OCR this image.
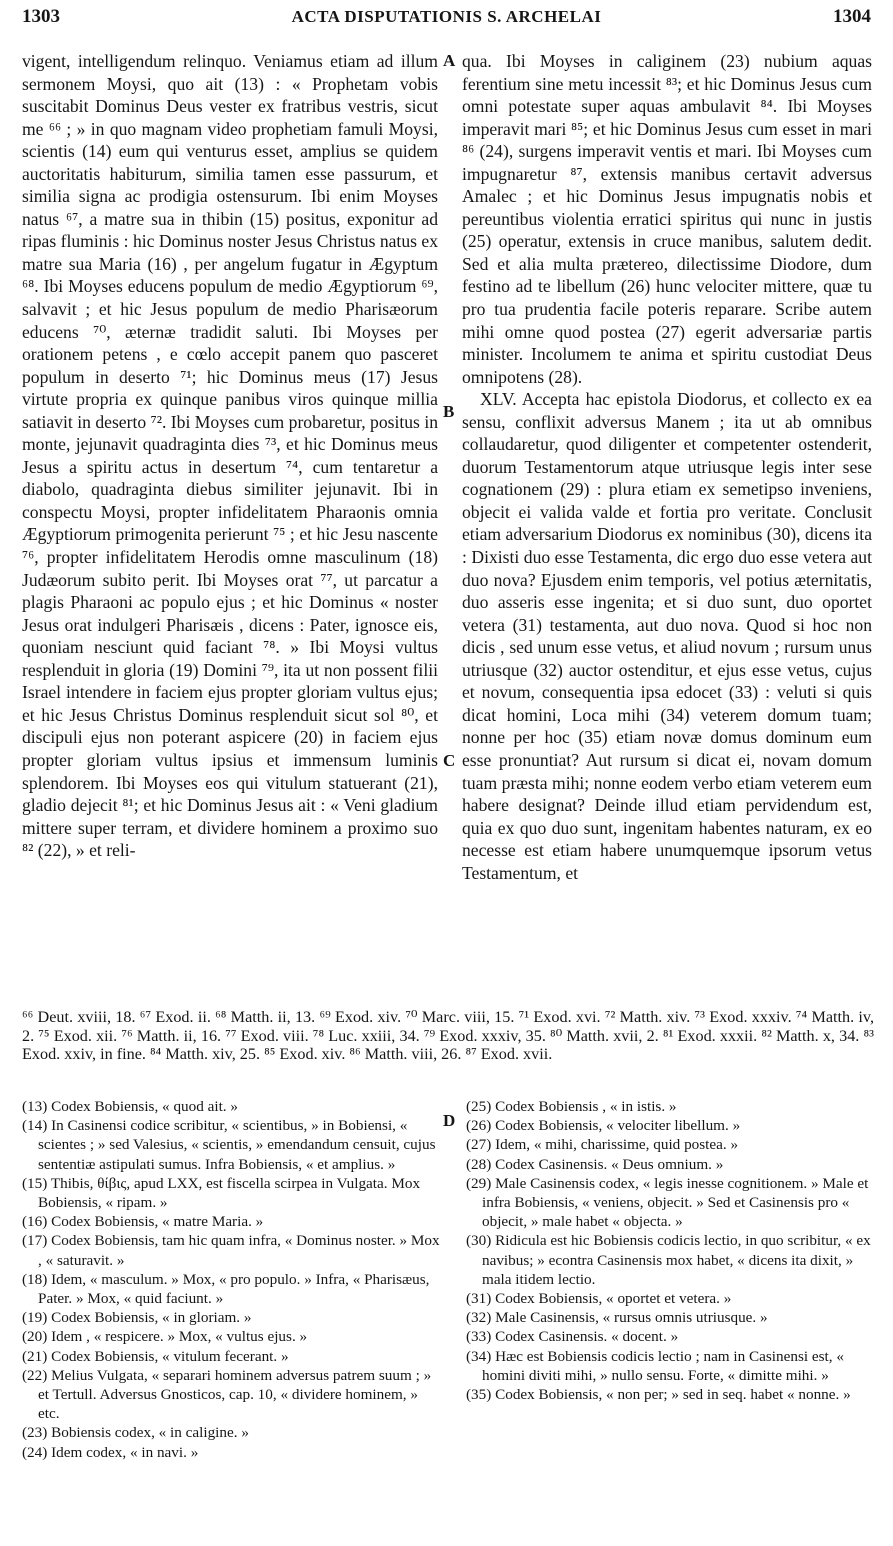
1303	ACTA DISPUTATIONIS S. ARCHELAI	1304

vigent, intelligendum relinquo. Veniamus etiam ad illum sermonem Moysi, quo ait (13) : « Prophetam vobis suscitabit Dominus Deus vester ex fratribus vestris, sicut me ⁶⁶ ; » in quo magnam video prophetiam famuli Moysi, scientis (14) eum qui venturus esset, amplius se quidem auctoritatis habiturum, similia tamen esse passurum, et similia signa ac prodigia ostensurum. Ibi enim Moyses natus ⁶⁷, a matre sua in thibin (15) positus, exponitur ad ripas fluminis : hic Dominus noster Jesus Christus natus ex matre sua Maria (16) , per angelum fugatur in Ægyptum ⁶⁸. Ibi Moyses educens populum de medio Ægyptiorum ⁶⁹, salvavit ; et hic Jesus populum de medio Pharisæorum educens ⁷⁰, æternæ tradidit saluti. Ibi Moyses per orationem petens , e cœlo accepit panem quo pasceret populum in deserto ⁷¹; hic Dominus meus (17) Jesus virtute propria ex quinque panibus viros quinque millia satiavit in deserto ⁷². Ibi Moyses cum probaretur, positus in monte, jejunavit quadraginta dies ⁷³, et hic Dominus meus Jesus a spiritu actus in desertum ⁷⁴, cum tentaretur a diabolo, quadraginta diebus similiter jejunavit. Ibi in conspectu Moysi, propter infidelitatem Pharaonis omnia Ægyptiorum primogenita perierunt ⁷⁵ ; et hic Jesu nascente ⁷⁶, propter infidelitatem Herodis omne masculinum (18) Judæorum subito perit. Ibi Moyses orat ⁷⁷, ut parcatur a plagis Pharaoni ac populo ejus ; et hic Dominus « noster Jesus orat indulgeri Pharisæis , dicens : Pater, ignosce eis, quoniam nesciunt quid faciant ⁷⁸. » Ibi Moysi vultus resplenduit in gloria (19) Domini ⁷⁹, ita ut non possent filii Israel intendere in faciem ejus propter gloriam vultus ejus; et hic Jesus Christus Dominus resplenduit sicut sol ⁸⁰, et discipuli ejus non poterant aspicere (20) in faciem ejus propter gloriam vultus ipsius et immensum luminis splendorem. Ibi Moyses eos qui vitulum statuerant (21), gladio dejecit ⁸¹; et hic Dominus Jesus ait : « Veni gladium mittere super terram, et dividere hominem a proximo suo ⁸² (22), » et reli-

A
B
C
D

qua. Ibi Moyses in caliginem (23) nubium aquas ferentium sine metu incessit ⁸³; et hic Dominus Jesus cum omni potestate super aquas ambulavit ⁸⁴. Ibi Moyses imperavit mari ⁸⁵; et hic Dominus Jesus cum esset in mari ⁸⁶ (24), surgens imperavit ventis et mari. Ibi Moyses cum impugnaretur ⁸⁷, extensis manibus certavit adversus Amalec ; et hic Dominus Jesus impugnatis nobis et pereuntibus violentia erratici spiritus qui nunc in justis (25) operatur, extensis in cruce manibus, salutem dedit. Sed et alia multa prætereo, dilectissime Diodore, dum festino ad te libellum (26) hunc velociter mittere, quæ tu pro tua prudentia facile poteris reparare. Scribe autem mihi omne quod postea (27) egerit adversariæ partis minister. Incolumem te anima et spiritu custodiat Deus omnipotens (28).

XLV. Accepta hac epistola Diodorus, et collecto ex ea sensu, conflixit adversus Manem ; ita ut ab omnibus collaudaretur, quod diligenter et competenter ostenderit, duorum Testamentorum atque utriusque legis inter sese cognationem (29) : plura etiam ex semetipso inveniens, objecit ei valida valde et fortia pro veritate. Conclusit etiam adversarium Diodorus ex nominibus (30), dicens ita : Dixisti duo esse Testamenta, dic ergo duo esse vetera aut duo nova? Ejusdem enim temporis, vel potius æternitatis, duo asseris esse ingenita; et si duo sunt, duo oportet vetera (31) testamenta, aut duo nova. Quod si hoc non dicis , sed unum esse vetus, et aliud novum ; rursum unus utriusque (32) auctor ostenditur, et ejus esse vetus, cujus et novum, consequentia ipsa edocet (33) : veluti si quis dicat homini, Loca mihi (34) veterem domum tuam; nonne per hoc (35) etiam novæ domus dominum eum esse pronuntiat? Aut rursum si dicat ei, novam domum tuam præsta mihi; nonne eodem verbo etiam veterem eum habere designat? Deinde illud etiam pervidendum est, quia ex quo duo sunt, ingenitam habentes naturam, ex eo necesse est etiam habere unumquemque ipsorum vetus Testamentum, et

⁶⁶ Deut. xviii, 18. ⁶⁷ Exod. ii. ⁶⁸ Matth. ii, 13. ⁶⁹ Exod. xiv. ⁷⁰ Marc. viii, 15. ⁷¹ Exod. xvi. ⁷² Matth. xiv. ⁷³ Exod. xxxiv. ⁷⁴ Matth. iv, 2. ⁷⁵ Exod. xii. ⁷⁶ Matth. ii, 16. ⁷⁷ Exod. viii. ⁷⁸ Luc. xxiii, 34. ⁷⁹ Exod. xxxiv, 35. ⁸⁰ Matth. xvii, 2. ⁸¹ Exod. xxxii. ⁸² Matth. x, 34. ⁸³ Exod. xxiv, in fine. ⁸⁴ Matth. xiv, 25. ⁸⁵ Exod. xiv. ⁸⁶ Matth. viii, 26. ⁸⁷ Exod. xvii.
(13) Codex Bobiensis, « quod ait. »
(14) In Casinensi codice scribitur, « scientibus, » in Bobiensi, « scientes ; » sed Valesius, « scientis, » emendandum censuit, cujus sententiæ astipulati sumus. Infra Bobiensis, « et amplius. »
(15) Thibis, θίβις, apud LXX, est fiscella scirpea in Vulgata. Mox Bobiensis, « ripam. »
(16) Codex Bobiensis, « matre Maria. »
(17) Codex Bobiensis, tam hic quam infra, « Dominus noster. » Mox , « saturavit. »
(18) Idem, « masculum. » Mox, « pro populo. » Infra, « Pharisæus, Pater. » Mox, « quid faciunt. »
(19) Codex Bobiensis, « in gloriam. »
(20) Idem , « respicere. » Mox, « vultus ejus. »
(21) Codex Bobiensis, « vitulum fecerant. »
(22) Melius Vulgata, « separari hominem adversus patrem suum ; » et Tertull. Adversus Gnosticos, cap. 10, « dividere hominem, » etc.
(23) Bobiensis codex, « in caligine. »
(24) Idem codex, « in navi. »
(25) Codex Bobiensis , « in istis. »
(26) Codex Bobiensis, « velociter libellum. »
(27) Idem, « mihi, charissime, quid postea. »
(28) Codex Casinensis. « Deus omnium. »
(29) Male Casinensis codex, « legis inesse cognitionem. » Male et infra Bobiensis, « veniens, objecit. » Sed et Casinensis pro « objecit, » male habet « objecta. »
(30) Ridicula est hic Bobiensis codicis lectio, in quo scribitur, « ex navibus; » econtra Casinensis mox habet, « dicens ita dixit, » mala itidem lectio.
(31) Codex Bobiensis, « oportet et vetera. »
(32) Male Casinensis, « rursus omnis utriusque. »
(33) Codex Casinensis. « docent. »
(34) Hæc est Bobiensis codicis lectio ; nam in Casinensi est, « homini diviti mihi, » nullo sensu. Forte, « dimitte mihi. »
(35) Codex Bobiensis, « non per; » sed in seq. habet « nonne. »
